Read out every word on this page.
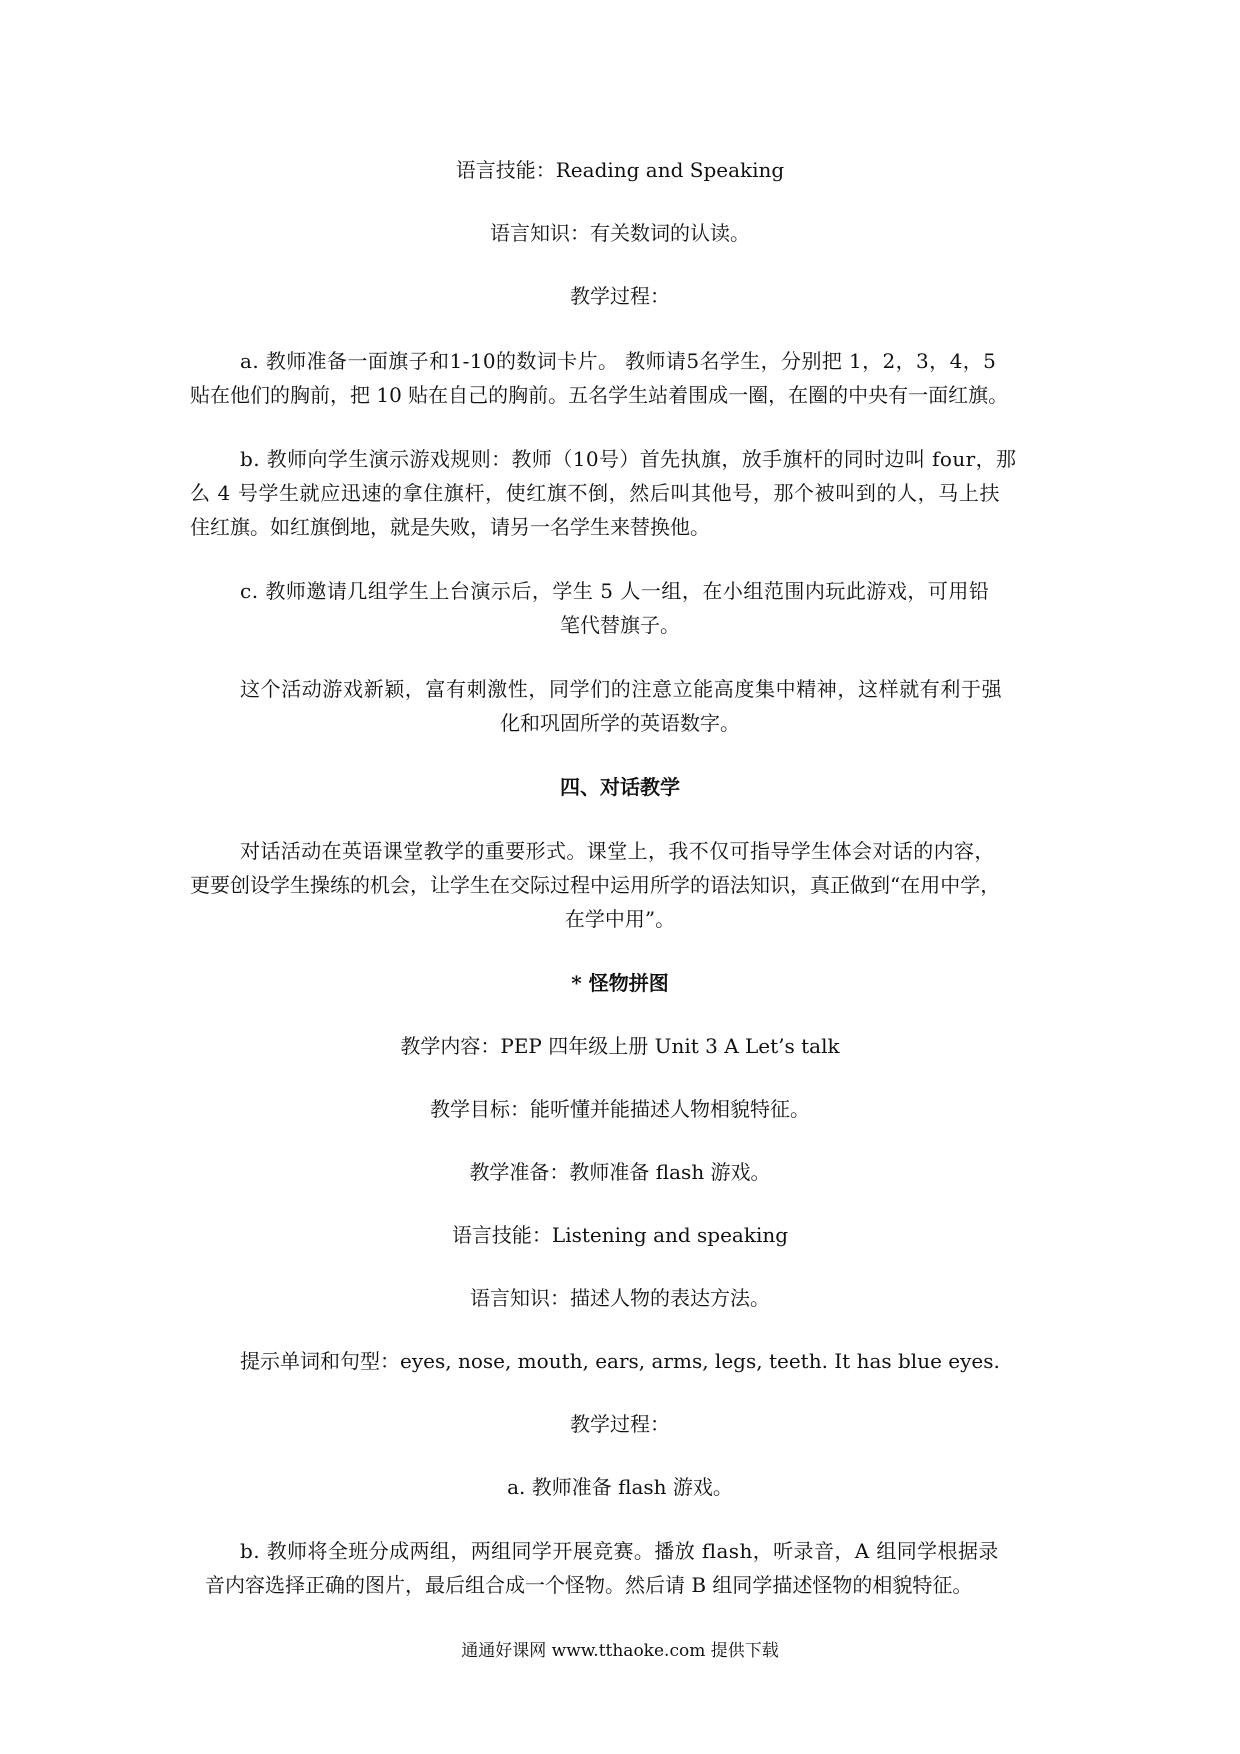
语言技能：Reading and Speaking
语言知识：有关数词的认读。
教学过程：
a. 教师准备一面旗子和1-10的数词卡片。 教师请5名学生，分别把 1，2，3，4，5
贴在他们的胸前，把 10 贴在自己的胸前。五名学生站着围成一圈，在圈的中央有一面红旗。
b. 教师向学生演示游戏规则：教师（10号）首先执旗，放手旗杆的同时边叫 four，那
么 4 号学生就应迅速的拿住旗杆，使红旗不倒，然后叫其他号，那个被叫到的人，马上扶
住红旗。如红旗倒地，就是失败，请另一名学生来替换他。
c. 教师邀请几组学生上台演示后，学生 5 人一组，在小组范围内玩此游戏，可用铅
笔代替旗子。
这个活动游戏新颖，富有刺激性，同学们的注意立能高度集中精神，这样就有利于强
化和巩固所学的英语数字。
四、对话教学
对话活动在英语课堂教学的重要形式。课堂上，我不仅可指导学生体会对话的内容，
更要创设学生操练的机会，让学生在交际过程中运用所学的语法知识，真正做到“在用中学，
在学中用”。
* 怪物拼图
教学内容：PEP 四年级上册 Unit 3 A Let’s talk
教学目标：能听懂并能描述人物相貌特征。
教学准备：教师准备 flash 游戏。
语言技能：Listening and speaking
语言知识：描述人物的表达方法。
提示单词和句型：eyes, nose, mouth, ears, arms, legs, teeth. It has blue eyes.
教学过程：
a. 教师准备 flash 游戏。
b. 教师将全班分成两组，两组同学开展竞赛。播放 flash，听录音，A 组同学根据录
音内容选择正确的图片，最后组合成一个怪物。然后请 B 组同学描述怪物的相貌特征。
通通好课网 www.tthaoke.com 提供下载
